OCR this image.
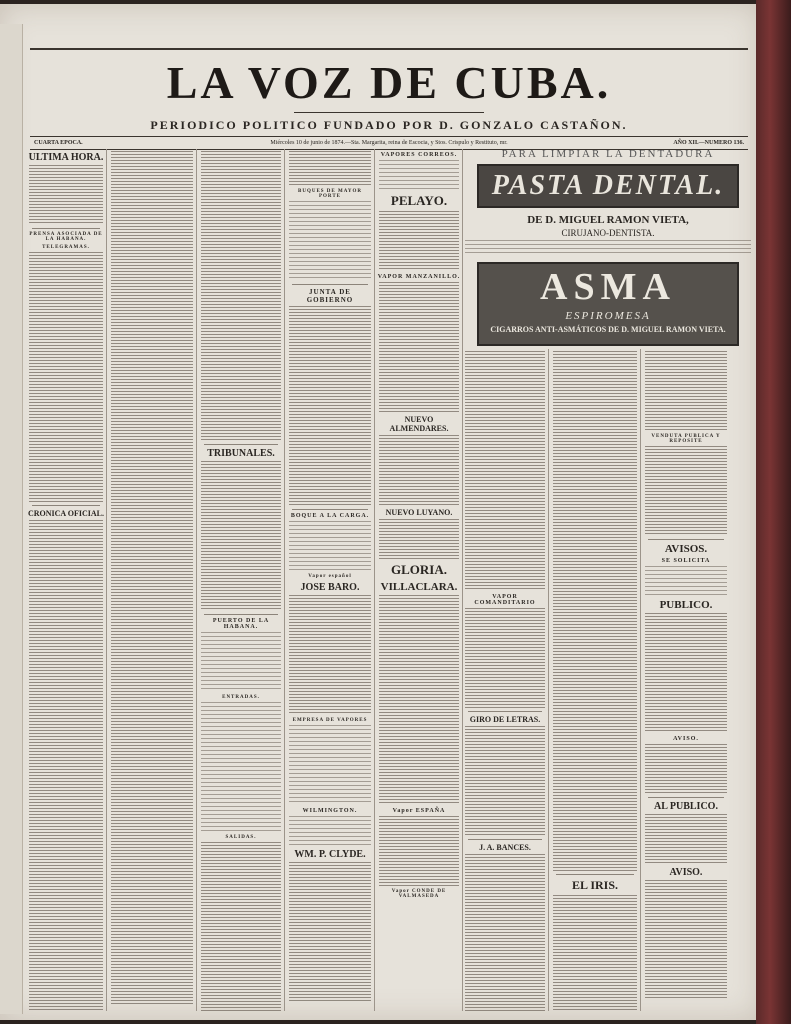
LA VOZ DE CUBA.
PERIODICO POLITICO FUNDADO POR D. GONZALO CASTAÑON.
CUARTA EPOCA.	Miércoles 10 de junio de 1874.—Sta. Margarita, reina de Escocia, y Stos. Crispulo y Restituto, mr.	AÑO XII.—NUMERO 136.
ULTIMA HORA.
PRENSA ASOCIADA DE LA HABANA.
TELEGRAMAS.
CRONICA OFICIAL.
TRIBUNALES.
PUERTO DE LA HABANA.
ENTRADAS.
SALIDAS.
BUQUES DE MAYOR PORTE
JUNTA DE GOBIERNO
BOQUE A LA CARGA.
Vapor español
JOSE BARO.
EMPRESA DE VAPORES
WILMINGTON.
WM. P. CLYDE.
VAPORES CORREOS.
PELAYO.
VAPOR MANZANILLO.
NUEVO ALMENDARES.
NUEVO LUYANO.
GLORIA.
VILLACLARA.
Vapor ESPAÑA
Vapor CONDE DE VALMASEDA
PARA LIMPIAR LA DENTADURA
PASTA DENTAL.
DE D. MIGUEL RAMON VIETA,
CIRUJANO-DENTISTA.
ASMA
ESPIROMESA
CIGARROS ANTI-ASMÁTICOS DE D. MIGUEL RAMON VIETA.
VAPOR COMANDITARIO
GIRO DE LETRAS.
J. A. BANCES.
EL IRIS.
VENDUTA PUBLICA Y REPOSITE
AVISOS.
SE SOLICITA
PUBLICO.
AVISO.
AL PUBLICO.
AVISO.
